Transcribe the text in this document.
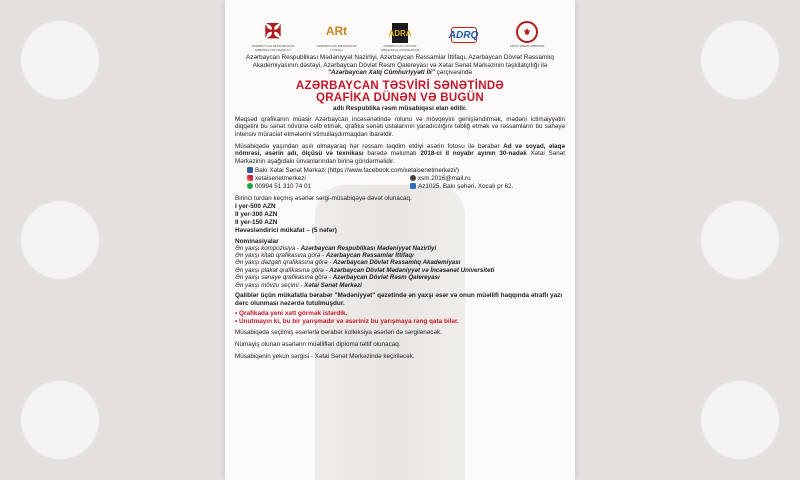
✠
AZƏRBAYCAN RESPUBLİKASI MƏDƏNİYYƏT NAZİRLİYİ
ARt
AZƏRBAYCAN RƏSSAMLAR İTTİFAQI
ADRA
AZƏRBAYCAN DÖVLƏT RƏSSAMLIQ AKADEMİYASI
ADRQ	⚜
XƏTAİ SƏNƏT MƏRKƏZİ
Azərbaycan Respublikası Mədəniyyət Nazirliyi, Azərbaycan Rəssamlar İttifaqı, Azərbaycan Dövlət Rəssamlıq Akademiyasının dəstəyi, Azərbaycan Dövlət Rəsm Qalereyası və Xətai Sənət Mərkəzinin təşkilatçılığı ilə "Azərbaycan Xalq Cümhuriyyəti İli" çərçivəsində
AZƏRBAYCAN TƏSVİRİ SƏNƏTİNDƏ
QRAFİKA DÜNƏN VƏ BUGÜN
adlı Respublika rəsm müsabiqəsi elan edilir.
Məqsəd qrafikanın müasir Azərbaycan incəsənətində rolunu və mövqeyini genişləndirmək, mədəni ictimaiyyətin diqqətini bu sənət növünə cəlb etmək, qrafika sənəti ustalarının yaradıcılığını təbliğ etmək və rəssamların bu sahəyə intensiv müraciət etmələrini stimullaşdırmaqdan ibarətdir.
Müsabiqədə yaşından asılı olmayaraq hər rəssam təqdim etdiyi əsərin fotosu ilə bərabər Ad və soyad, əlaqə nömrəsi, əsərin adı, ölçüsü və texnikası barədə məlumatı 2018-ci il noyabr ayının 30-nadək Xətai Sənət Mərkəzinin aşağıdakı ünvanlarından birinə göndərməlidir.
Bakı Xətai Sənət Mərkəzi (https://www.facebook.com/xetaisenetmerkezi/)
xetaisenetmerkezi	xsm.2016@mail.ru
00994 51 310 74 01	Az1025. Bakı şəhəri, Xocalı pr 62.
Birinci turdan keçmiş əsərlər sərgi-müsabiqəyə dəvət olunacaq.
I yer-500 AZN
II yer-300 AZN
II yer-150 AZN
Həvəsləndirici mükafat – (5 nəfər)
Nominasiyalar
Ən yaxşı kompozisiya - Azərbaycan Respublikası Mədəniyyət Nazirliyi
Ən yaxşı kitab qrafikasına görə - Azərbaycan Rəssamlar İttifaqı
Ən yaxşı dəzgah qrafikasına görə - Azərbaycan Dövlət Rəssamlıq Akademiyası
Ən yaxşı plakat qrafikasına görə - Azərbaycan Dövlət Mədəniyyət və İncəsənət Universiteti
Ən yaxşı sənaye qrafikasına görə - Azərbaycan Dövlət Rəsm Qalereyası
Ən yaxşı mövzu seçimi - Xətai Sənət Mərkəzi
Qaliblər üçün mükafatla bərabər "Mədəniyyət" qəzetində ən yaxşı əsər və onun müəllifi haqqında ətraflı yazı dərc olunması nəzərdə tutulmuşdur.
• Qrafikada yeni xətt görmək istərdik.
• Unutmayın ki, bu bir yarışmadır və əsəriniz bu yarışmaya rəng qata bilər.
Müsabiqədə seçilmiş əsərlərlə bərabər kolleksiya əsərləri də sərgilənəcək.
Nümayiş olunan əsərlərin müəllifləri diploma təltif olunacaq.
Müsabiqənin yekun sərgisi - Xətai Sənət Mərkəzində keçiriləcək.
